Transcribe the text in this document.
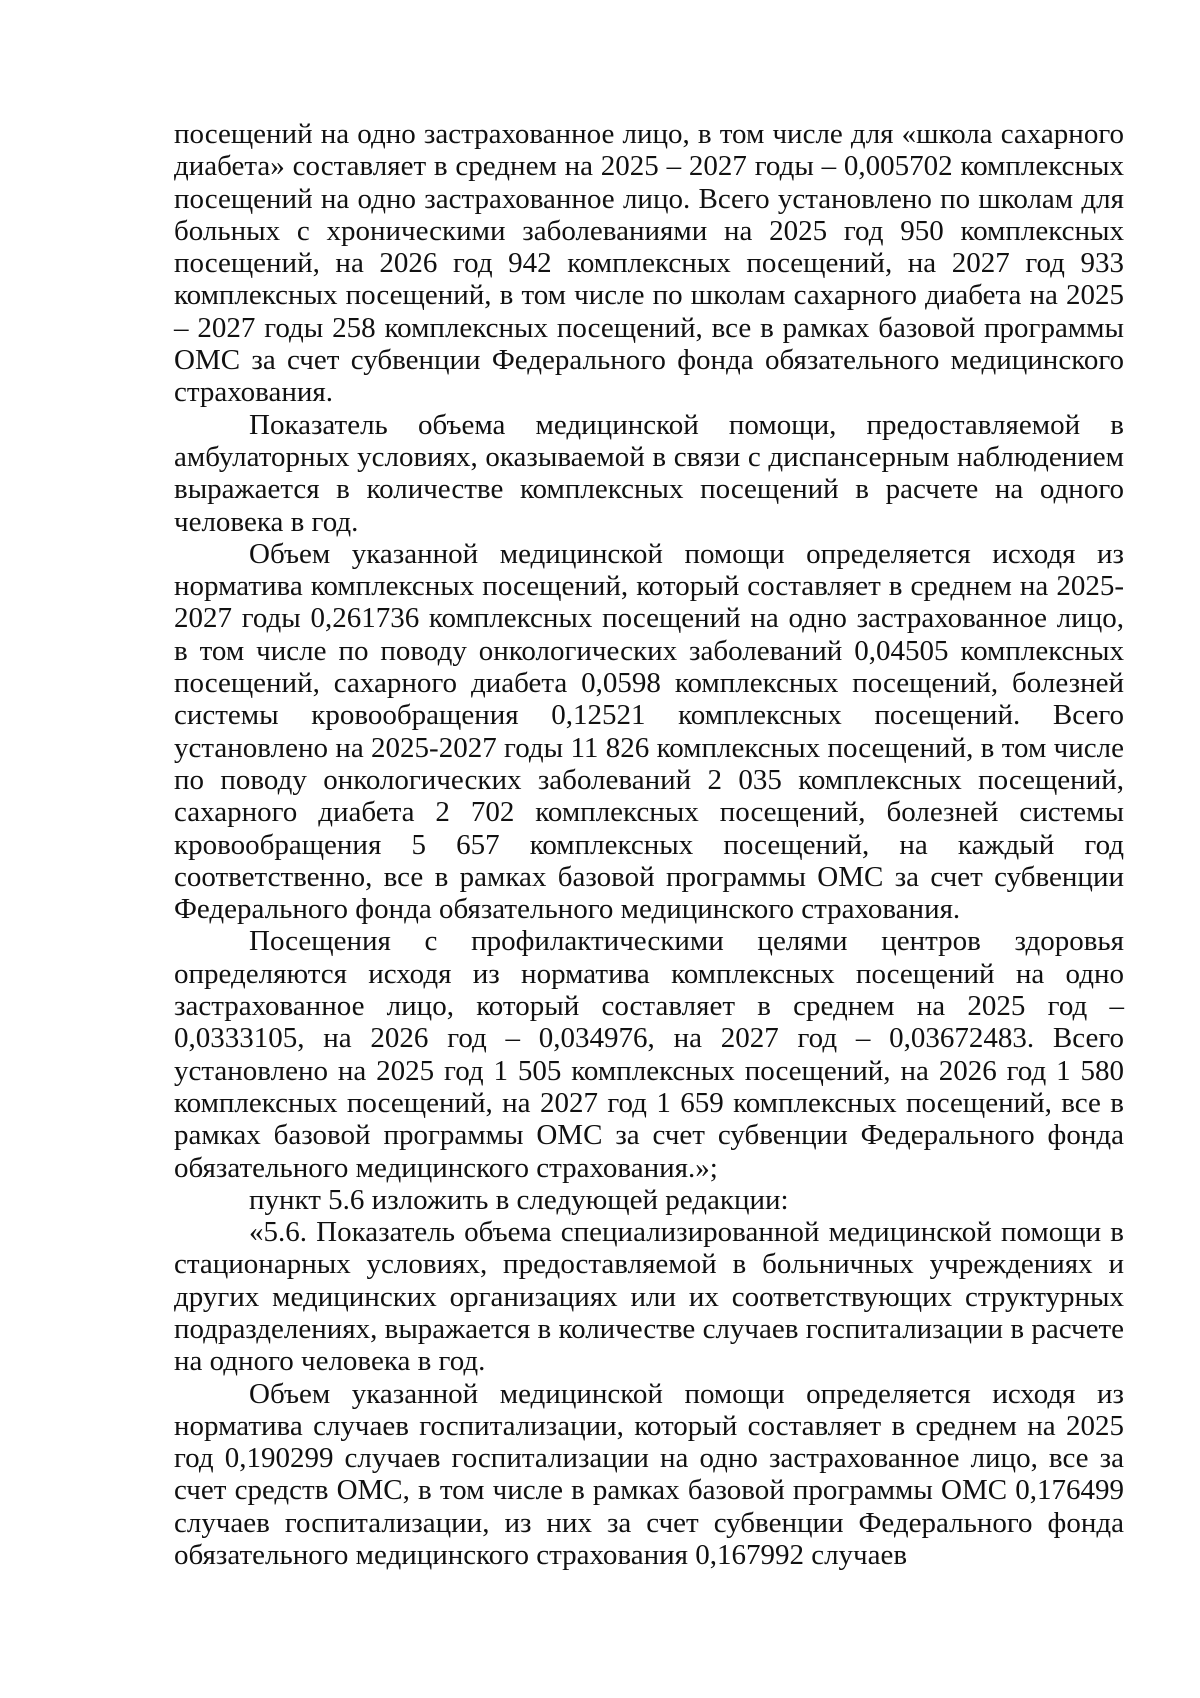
посещений на одно застрахованное лицо, в том числе для «школа сахарного диабета» составляет в среднем на 2025 – 2027 годы – 0,005702 комплексных посещений на одно застрахованное лицо. Всего установлено по школам для больных с хроническими заболеваниями на 2025 год 950 комплексных посещений, на 2026 год 942 комплексных посещений, на 2027 год 933 комплексных посещений, в том числе по школам сахарного диабета на 2025 – 2027 годы 258 комплексных посещений, все в рамках базовой программы ОМС за счет субвенции Федерального фонда обязательного медицинского страхования.

Показатель объема медицинской помощи, предоставляемой в амбулаторных условиях, оказываемой в связи с диспансерным наблюдением выражается в количестве комплексных посещений в расчете на одного человека в год.

Объем указанной медицинской помощи определяется исходя из норматива комплексных посещений, который составляет в среднем на 2025-2027 годы 0,261736 комплексных посещений на одно застрахованное лицо, в том числе по поводу онкологических заболеваний 0,04505 комплексных посещений, сахарного диабета 0,0598 комплексных посещений, болезней системы кровообращения 0,12521 комплексных посещений. Всего установлено на 2025-2027 годы 11 826 комплексных посещений, в том числе по поводу онкологических заболеваний 2 035 комплексных посещений, сахарного диабета 2 702 комплексных посещений, болезней системы кровообращения 5 657 комплексных посещений, на каждый год соответственно, все в рамках базовой программы ОМС за счет субвенции Федерального фонда обязательного медицинского страхования.

Посещения с профилактическими целями центров здоровья определяются исходя из норматива комплексных посещений на одно застрахованное лицо, который составляет в среднем на 2025 год – 0,0333105, на 2026 год – 0,034976, на 2027 год – 0,03672483. Всего установлено на 2025 год 1 505 комплексных посещений, на 2026 год 1 580 комплексных посещений, на 2027 год 1 659 комплексных посещений, все в рамках базовой программы ОМС за счет субвенции Федерального фонда обязательного медицинского страхования.»;

пункт 5.6 изложить в следующей редакции:

«5.6. Показатель объема специализированной медицинской помощи в стационарных условиях, предоставляемой в больничных учреждениях и других медицинских организациях или их соответствующих структурных подразделениях, выражается в количестве случаев госпитализации в расчете на одного человека в год.

Объем указанной медицинской помощи определяется исходя из норматива случаев госпитализации, который составляет в среднем на 2025 год 0,190299 случаев госпитализации на одно застрахованное лицо, все за счет средств ОМС, в том числе в рамках базовой программы ОМС 0,176499 случаев госпитализации, из них за счет субвенции Федерального фонда обязательного медицинского страхования 0,167992 случаев
